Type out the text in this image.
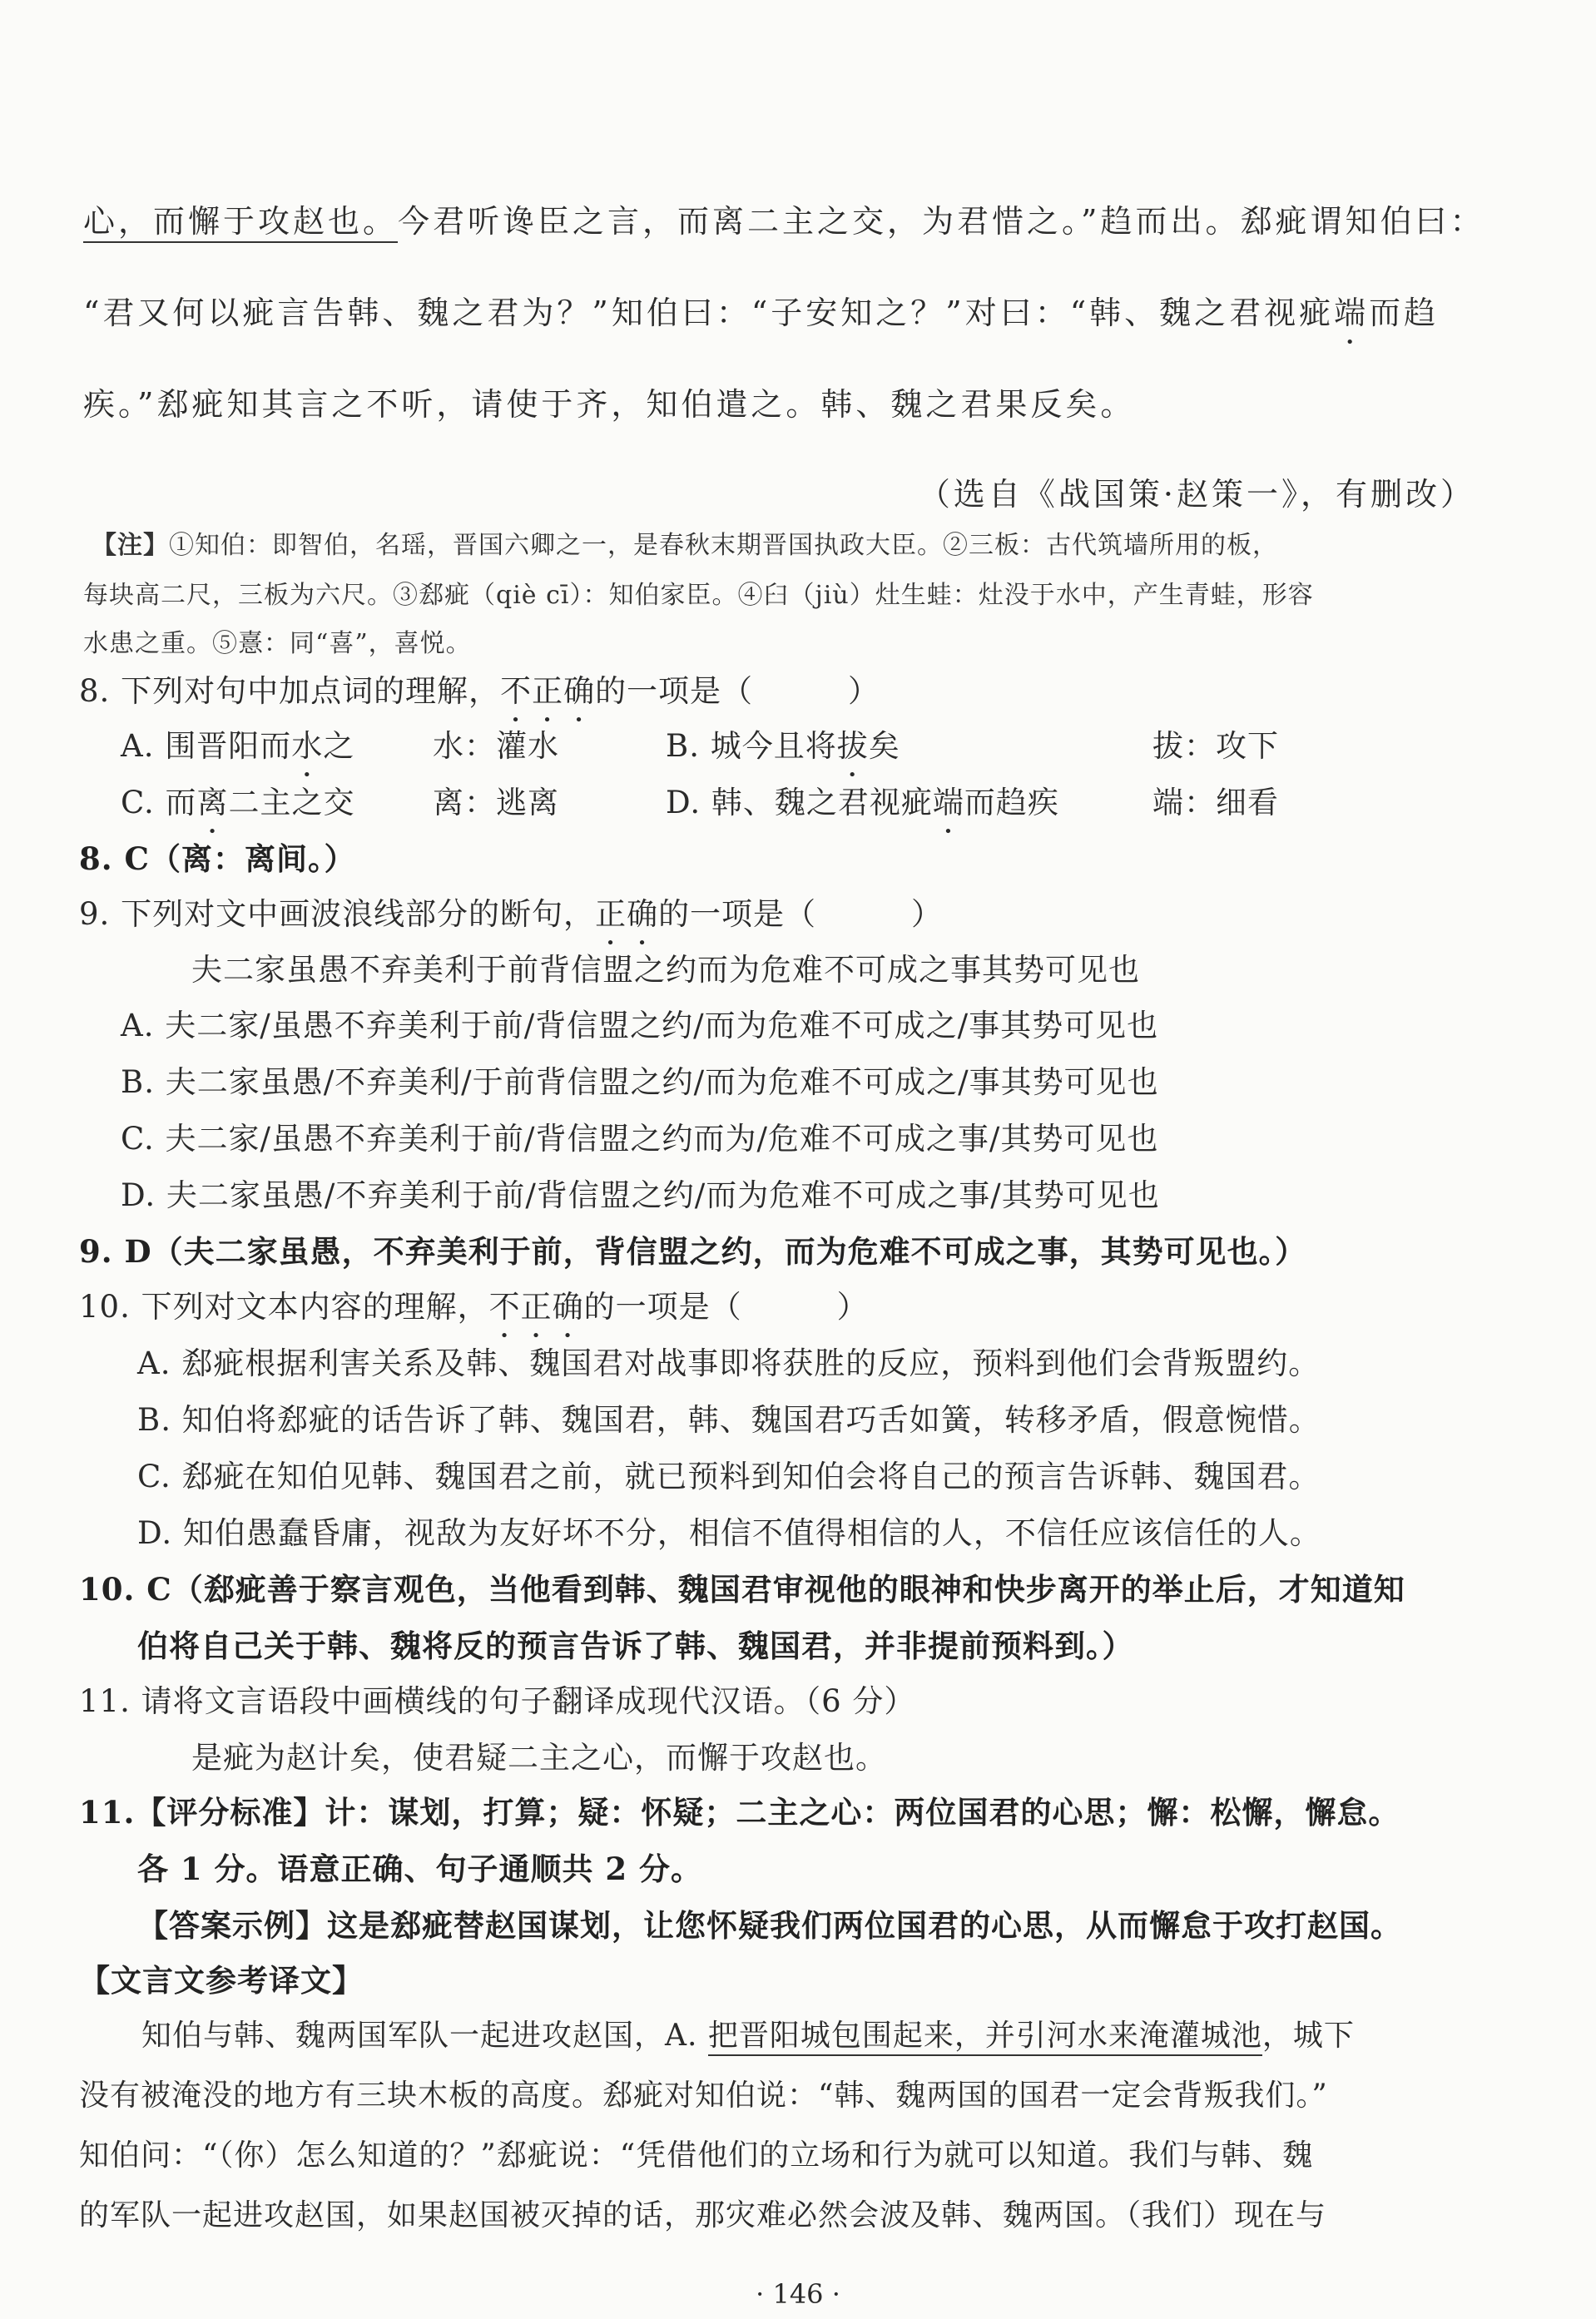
心，而懈于攻赵也。今君听谗臣之言，而离二主之交，为君惜之。”趋而出。郄疵谓知伯曰：
“君又何以疵言告韩、魏之君为？”知伯曰：“子安知之？”对曰：“韩、魏之君视疵端而趋
疾。”郄疵知其言之不听，请使于齐，知伯遣之。韩、魏之君果反矣。
（选自《战国策·赵策一》，有删改）
【注】①知伯：即智伯，名瑶，晋国六卿之一，是春秋末期晋国执政大臣。②三板：古代筑墙所用的板，
每块高二尺，三板为六尺。③郄疵（qiè cī）：知伯家臣。④臼（jiù）灶生蛙：灶没于水中，产生青蛙，形容
水患之重。⑤憙：同“喜”，喜悦。
8. 下列对句中加点词的理解，不正确的一项是（　　　）
A. 围晋阳而水之	水：灌水	B. 城今且将拔矣	拔：攻下
C. 而离二主之交	离：逃离	D. 韩、魏之君视疵端而趋疾	端：细看
8. C（离：离间。）
9. 下列对文中画波浪线部分的断句，正确的一项是（　　　）
夫二家虽愚不弃美利于前背信盟之约而为危难不可成之事其势可见也
A. 夫二家/虽愚不弃美利于前/背信盟之约/而为危难不可成之/事其势可见也
B. 夫二家虽愚/不弃美利/于前背信盟之约/而为危难不可成之/事其势可见也
C. 夫二家/虽愚不弃美利于前/背信盟之约而为/危难不可成之事/其势可见也
D. 夫二家虽愚/不弃美利于前/背信盟之约/而为危难不可成之事/其势可见也
9. D（夫二家虽愚，不弃美利于前，背信盟之约，而为危难不可成之事，其势可见也。）
10. 下列对文本内容的理解，不正确的一项是（　　　）
A. 郄疵根据利害关系及韩、魏国君对战事即将获胜的反应，预料到他们会背叛盟约。
B. 知伯将郄疵的话告诉了韩、魏国君，韩、魏国君巧舌如簧，转移矛盾，假意惋惜。
C. 郄疵在知伯见韩、魏国君之前，就已预料到知伯会将自己的预言告诉韩、魏国君。
D. 知伯愚蠢昏庸，视敌为友好坏不分，相信不值得相信的人，不信任应该信任的人。
10. C（郄疵善于察言观色，当他看到韩、魏国君审视他的眼神和快步离开的举止后，才知道知
伯将自己关于韩、魏将反的预言告诉了韩、魏国君，并非提前预料到。）
11. 请将文言语段中画横线的句子翻译成现代汉语。（6 分）
是疵为赵计矣，使君疑二主之心，而懈于攻赵也。
11.【评分标准】计：谋划，打算；疑：怀疑；二主之心：两位国君的心思；懈：松懈，懈怠。
各 1 分。语意正确、句子通顺共 2 分。
【答案示例】这是郄疵替赵国谋划，让您怀疑我们两位国君的心思，从而懈怠于攻打赵国。
【文言文参考译文】
知伯与韩、魏两国军队一起进攻赵国，A. 把晋阳城包围起来，并引河水来淹灌城池，城下
没有被淹没的地方有三块木板的高度。郄疵对知伯说：“韩、魏两国的国君一定会背叛我们。”
知伯问：“（你）怎么知道的？”郄疵说：“凭借他们的立场和行为就可以知道。我们与韩、魏
的军队一起进攻赵国，如果赵国被灭掉的话，那灾难必然会波及韩、魏两国。（我们）现在与
· 146 ·
